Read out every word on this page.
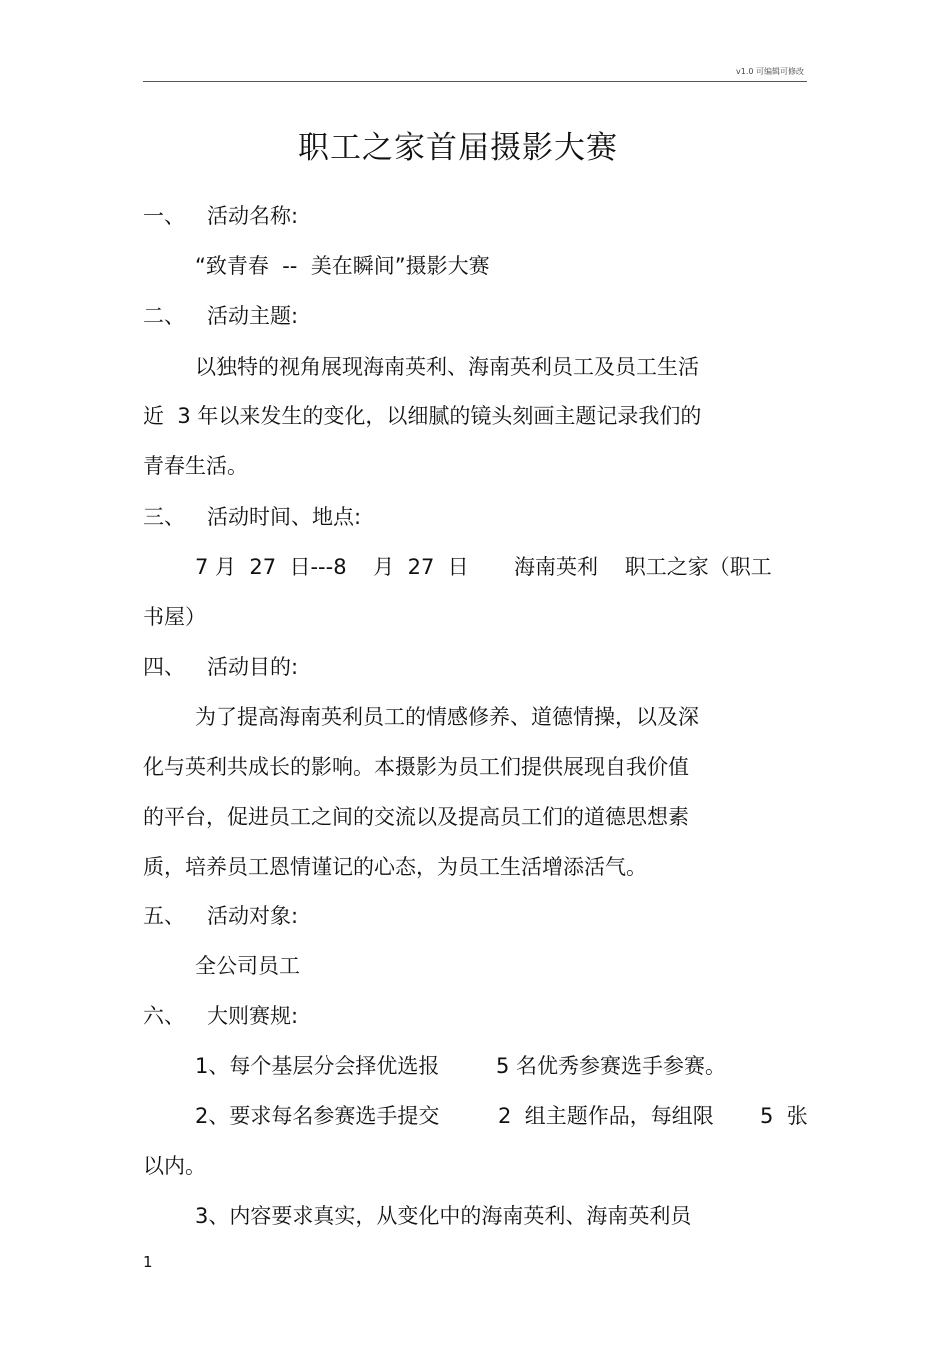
v1.0 可编辑可修改
职工之家首届摄影大赛
一、 活动名称:
“致青春  --  美在瞬间”摄影大赛
二、 活动主题:
以独特的视角展现海南英利、海南英利员工及员工生活
近  3 年以来发生的变化，以细腻的镜头刻画主题记录我们的
青春生活。
三、 活动时间、地点:
7 月  27  日---8    月  27  日 海南英利    职工之家（职工
书屋）
四、 活动目的:
为了提高海南英利员工的情感修养、道德情操，以及深
化与英利共成长的影响。本摄影为员工们提供展现自我价值
的平台，促进员工之间的交流以及提高员工们的道德思想素
质，培养员工恩情谨记的心态，为员工生活增添活气。
五、 活动对象:
全公司员工
六、 大则赛规:
1、每个基层分会择优选报	5 名优秀参赛选手参赛。
2、要求每名参赛选手提交	2  组主题作品，每组限 5  张
以内。
3、内容要求真实，从变化中的海南英利、海南英利员
1
